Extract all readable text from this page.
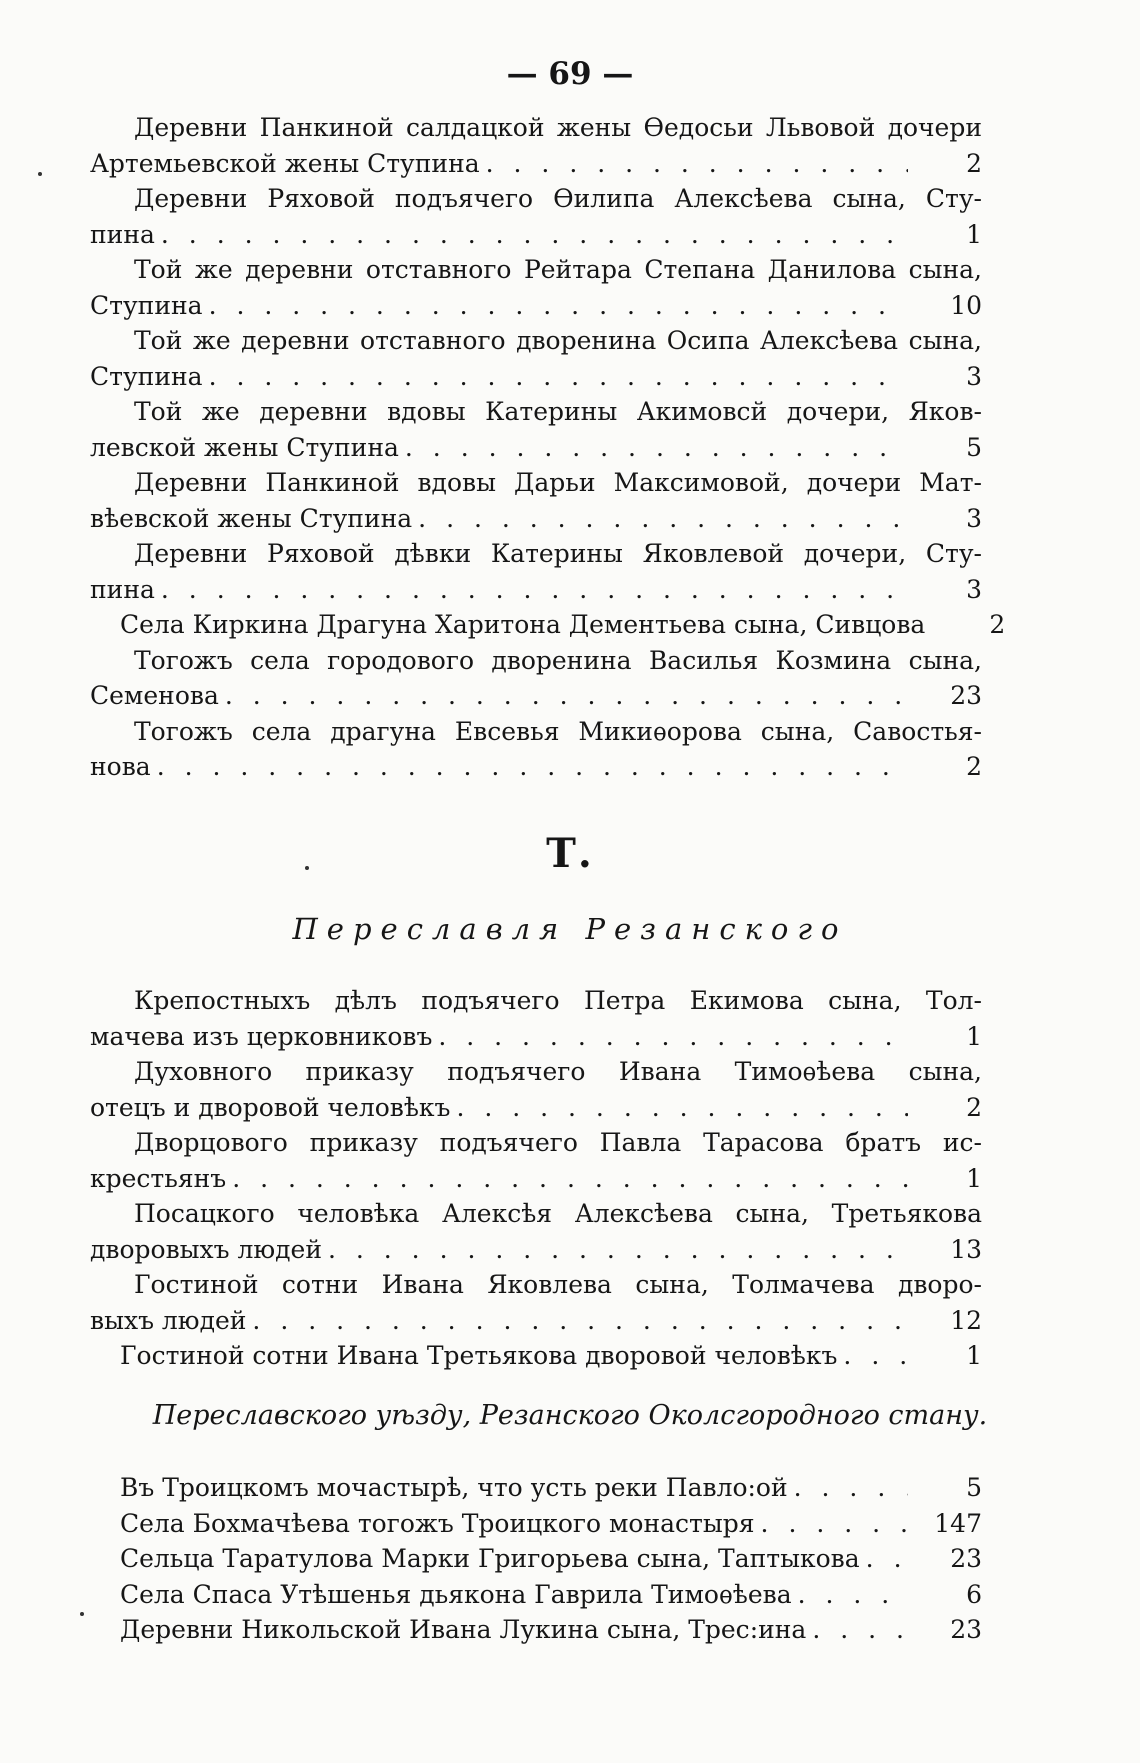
— 69 —
Деревни Панкиной салдацкой жены Ѳедосьи Львовой дочери
Артемьевской жены Ступина . . .	2
Деревни Ряховой подъячего Ѳилипа Алексѣева сына, Сту-
пина . . .	1
Той же деревни отставного Рейтара Степана Данилова сына,
Ступина . . .	10
Той же деревни отставного дворенина Осипа Алексѣева сына,
Ступина . . .	3
Той же деревни вдовы Катерины Акимовсй дочери, Яков-
левской жены Ступина . . .	5
Деревни Панкиной вдовы Дарьи Максимовой, дочери Мат-
вѣевской жены Ступина . . .	3
Деревни Ряховой дѣвки Катерины Яковлевой дочери, Сту-
пина . . .	3
Села Киркина Драгуна Харитона Дементьева сына, Сивцова	2
Тогожъ села городового дворенина Василья Козмина сына,
Семенова . . .	23
Тогожъ села драгуна Евсевья Микиѳорова сына, Савостья-
нова . . .	2
Т.
Переславля Резанского
Крепостныхъ дѣлъ подъячего Петра Екимова сына, Тол-
мачева изъ церковниковъ . . .	1
Духовного приказу подъячего Ивана Тимоѳѣева сына,
отецъ и дворовой человѣкъ . . .	2
Дворцового приказу подъячего Павла Тарасова братъ ис-
крестьянъ . . .	1
Посацкого человѣка Алексѣя Алексѣева сына, Третьякова
дворовыхъ людей . . .	13
Гостиной сотни Ивана Яковлева сына, Толмачева дворо-
выхъ людей . . .	12
Гостиной сотни Ивана Третьякова дворовой человѣкъ . . .	1
Переславского уѣзду, Резанского Околсгородного стану.
Въ Троицкомъ мочастырѣ, что усть реки Павло:ой . . .	5
Села Бохмачѣева тогожъ Троицкого монастыря . . .	147
Сельца Таратулова Марки Григорьева сына, Таптыкова . . .	23
Села Спаса Утѣшенья дьякона Гаврила Тимоѳѣева . . .	6
Деревни Никольской Ивана Лукина сына, Трес:ина . . .	23
